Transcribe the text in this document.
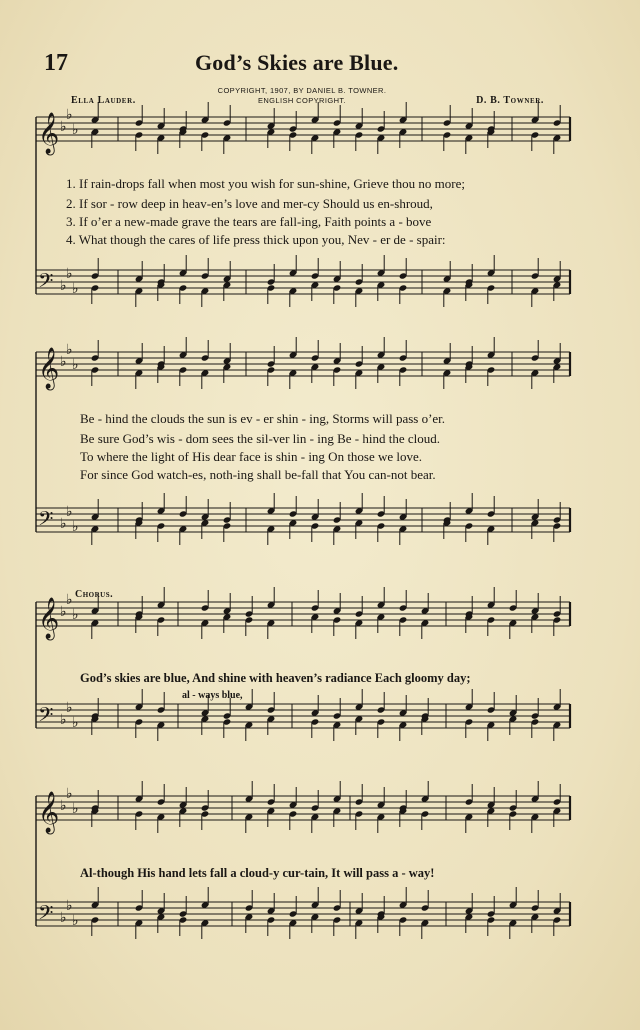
17	God’s Skies are Blue.
Ella Lauder.
COPYRIGHT, 1907, BY DANIEL B. TOWNER.
ENGLISH COPYRIGHT.	D. B. Towner.
𝄞 ♭
♭
♭
𝄢 ♭
♭
♭
𝄞 ♭
♭
♭
𝄢 ♭
♭
♭
𝄞 ♭
♭
♭
𝄢 ♭
♭
♭
𝄞 ♭
♭
♭
𝄢 ♭
♭
♭
1. If rain-drops fall when most you wish for sun-shine, Grieve thou no more;
2. If sor - row deep in heav-en’s love and mer-cy Should us en-shroud,
3. If o’er a new-made grave the tears are fall-ing, Faith points a - bove
4. What though the cares of life press thick upon you, Nev - er de - spair:
Be - hind the clouds the sun is ev - er shin - ing, Storms will pass o’er.
Be sure God’s wis - dom sees the sil-ver lin - ing Be - hind the cloud.
To where the light of His dear face is shin - ing On those we love.
For since God watch-es, noth-ing shall be-fall that You can-not bear.
Chorus.
God’s skies are blue, And shine with heaven’s radiance Each gloomy day;
al - ways blue,
Al-though His hand lets fall a cloud-y cur-tain, It will pass a - way!
